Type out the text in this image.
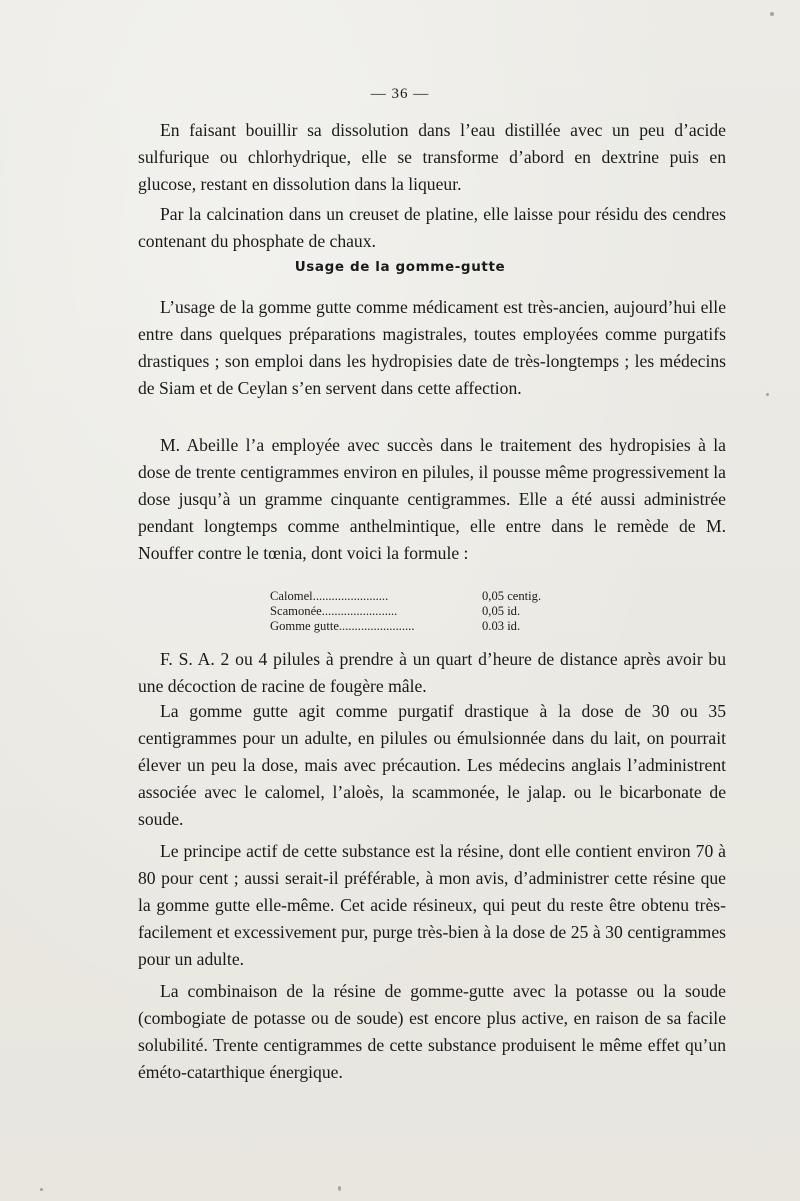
— 36 —

En faisant bouillir sa dissolution dans l’eau distillée avec un peu d’acide sulfurique ou chlorhydrique, elle se transforme d’abord en dextrine puis en glucose, restant en dissolution dans la liqueur.

Par la calcination dans un creuset de platine, elle laisse pour résidu des cendres contenant du phosphate de chaux.

Usage de la gomme-gutte

L’usage de la gomme gutte comme médicament est très-ancien, aujourd’hui elle entre dans quelques préparations magistrales, toutes employées comme purgatifs drastiques ; son emploi dans les hydropisies date de très-longtemps ; les médecins de Siam et de Ceylan s’en servent dans cette affection.

M. Abeille l’a employée avec succès dans le traitement des hydropisies à la dose de trente centigrammes environ en pilules, il pousse même progressivement la dose jusqu’à un gramme cinquante centigrammes. Elle a été aussi administrée pendant longtemps comme anthelmintique, elle entre dans le remède de M. Nouffer contre le tœnia, dont voici la formule :

Calomel........................	0,05 centig.
Scamonée........................	0,05 id.
Gomme gutte........................	0.03 id.

F. S. A. 2 ou 4 pilules à prendre à un quart d’heure de distance après avoir bu une décoction de racine de fougère mâle.

La gomme gutte agit comme purgatif drastique à la dose de 30 ou 35 centigrammes pour un adulte, en pilules ou émulsionnée dans du lait, on pourrait élever un peu la dose, mais avec précaution. Les médecins anglais l’administrent associée avec le calomel, l’aloès, la scammonée, le jalap. ou le bicarbonate de soude.

Le principe actif de cette substance est la résine, dont elle contient environ 70 à 80 pour cent ; aussi serait-il préférable, à mon avis, d’administrer cette résine que la gomme gutte elle-même. Cet acide résineux, qui peut du reste être obtenu très-facilement et excessivement pur, purge très-bien à la dose de 25 à 30 centigrammes pour un adulte.

La combinaison de la résine de gomme-gutte avec la potasse ou la soude (combogiate de potasse ou de soude) est encore plus active, en raison de sa facile solubilité. Trente centigrammes de cette substance produisent le même effet qu’un éméto-catarthique énergique.
